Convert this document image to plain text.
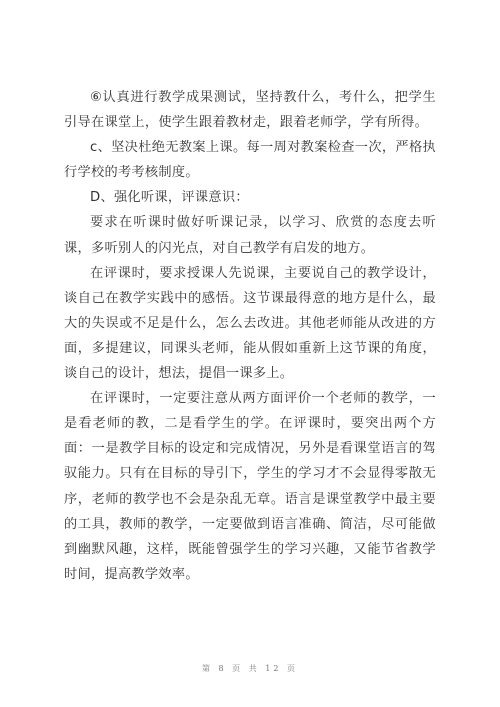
⑥认真进行教学成果测试，坚持教什么，考什么，把学生引导在课堂上，使学生跟着教材走，跟着老师学，学有所得。

c、坚决杜绝无教案上课。每一周对教案检查一次，严格执行学校的考考核制度。

D、强化听课，评课意识：

要求在听课时做好听课记录，以学习、欣赏的态度去听课，多听别人的闪光点，对自己教学有启发的地方。

在评课时，要求授课人先说课，主要说自己的教学设计，谈自己在教学实践中的感悟。这节课最得意的地方是什么，最大的失误或不足是什么，怎么去改进。其他老师能从改进的方面，多提建议，同课头老师，能从假如重新上这节课的角度，谈自己的设计，想法，提倡一课多上。

在评课时，一定要注意从两方面评价一个老师的教学，一是看老师的教，二是看学生的学。在评课时，要突出两个方面：一是教学目标的设定和完成情况，另外是看课堂语言的驾驭能力。只有在目标的导引下，学生的学习才不会显得零散无序，老师的教学也不会是杂乱无章。语言是课堂教学中最主要的工具，教师的教学，一定要做到语言准确、简洁，尽可能做到幽默风趣，这样，既能曾强学生的学习兴趣，又能节省教学时间，提高教学效率。

第 8 页 共 12 页
